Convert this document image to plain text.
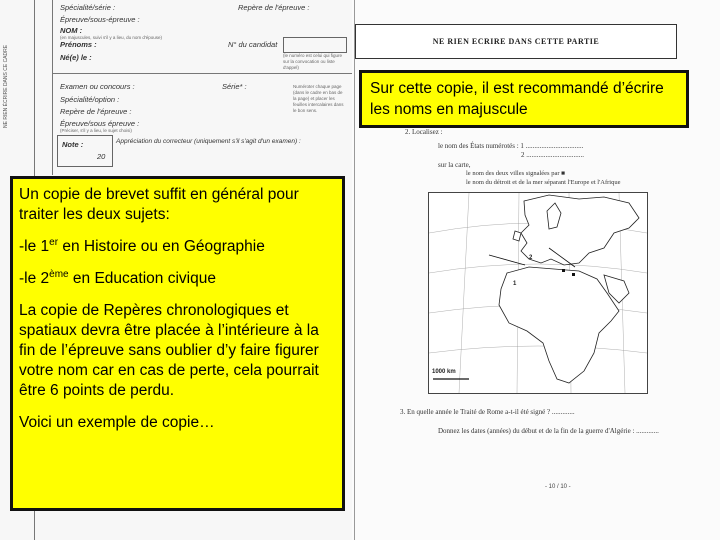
NE RIEN ÉCRIRE DANS CE CADRE
Spécialité/série :	Repère de l'épreuve :
Épreuve/sous-épreuve :
NOM :
(en majuscules, suivi s'il y a lieu, du nom d'épouse)
Prénoms :	N° du candidat
Né(e) le :	(le numéro est celui qui figure sur la convocation ou liste d'appel)
Examen ou concours :	Série* :
Spécialité/option :
Repère de l'épreuve :
Épreuve/sous épreuve :
(Préciser, s'il y a lieu, le sujet choisi)
Numéroter chaque page (dans le cadre en bas de la page) et placer les feuilles intercalaires dans le bon sens.
Note :
20
Appréciation du correcteur (uniquement s'il s'agit d'un examen) :
NE RIEN ECRIRE DANS CETTE PARTIE
2. Localisez :
le nom des États numérotés : 1 .................................
2 .................................
sur la carte,
le nom des deux villes signalées par ■
le nom du détroit et de la mer séparant l'Europe et l'Afrique
1
2
1000 km
3. En quelle année le Traité de Rome a-t-il été signé ? .............
Donnez les dates (années) du début et de la fin de la guerre d'Algérie : .............
- 10 / 10 -
Sur cette copie, il est recommandé d’écrire les noms en majuscule

Un copie de brevet suffit en général pour traiter les deux sujets:

-le 1er en Histoire ou en Géographie

-le 2ème en Education civique

La copie de Repères chronologiques et spatiaux devra être placée à l’intérieure à la fin de l’épreuve sans oublier d’y faire figurer votre nom car en cas de perte, cela pourrait être 6 points de perdu.

Voici un exemple de copie…
